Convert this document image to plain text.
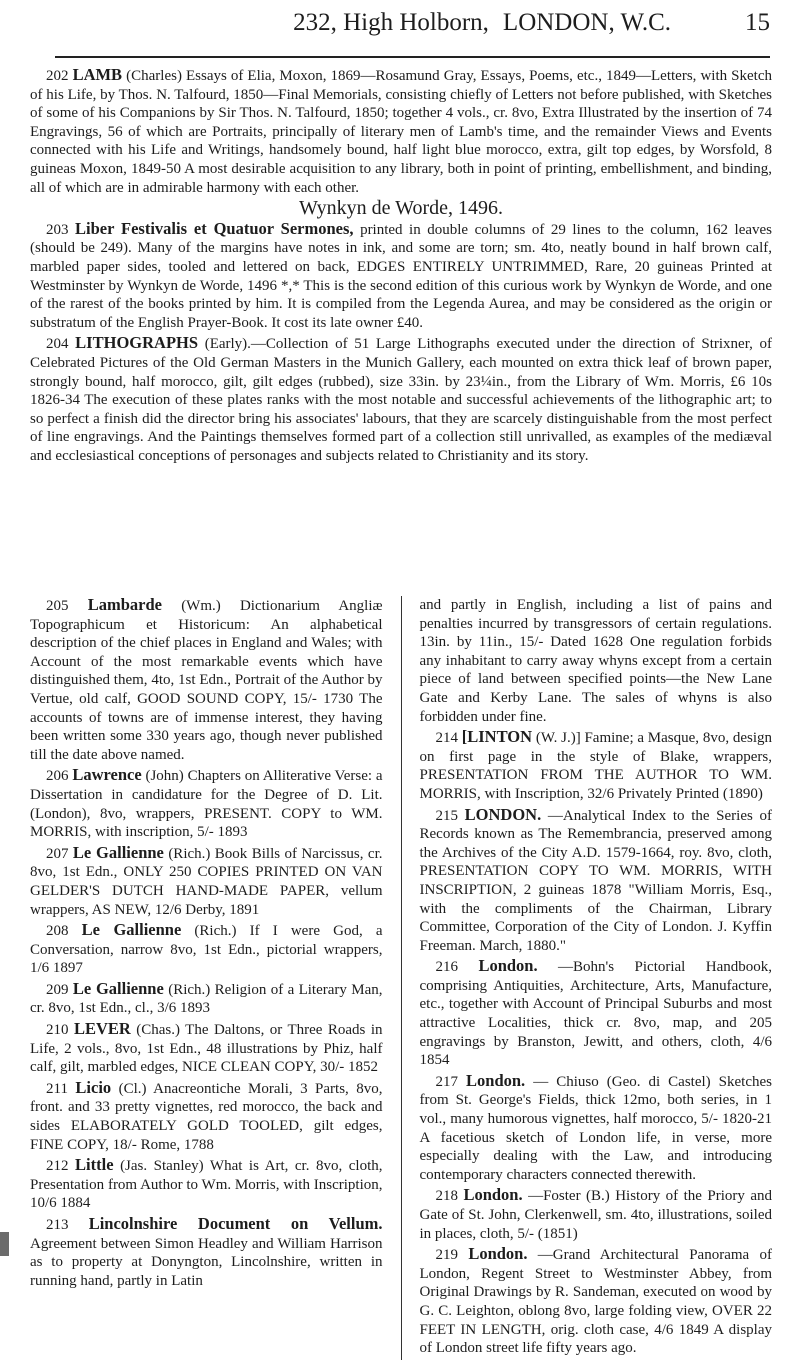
232, High Holborn, LONDON, W.C.	15

202 LAMB (Charles) Essays of Elia, Moxon, 1869—Rosamund Gray, Essays, Poems, etc., 1849—Letters, with Sketch of his Life, by Thos. N. Talfourd, 1850—Final Memorials, consisting chiefly of Letters not before published, with Sketches of some of his Companions by Sir Thos. N. Talfourd, 1850; together 4 vols., cr. 8vo, Extra Illustrated by the insertion of 74 Engravings, 56 of which are Portraits, principally of literary men of Lamb's time, and the remainder Views and Events connected with his Life and Writings, handsomely bound, half light blue morocco, extra, gilt top edges, by Worsfold, 8 guineas Moxon, 1849-50 A most desirable acquisition to any library, both in point of printing, embellishment, and binding, all of which are in admirable harmony with each other.

Wynkyn de Worde, 1496.

203 Liber Festivalis et Quatuor Sermones, printed in double columns of 29 lines to the column, 162 leaves (should be 249). Many of the margins have notes in ink, and some are torn; sm. 4to, neatly bound in half brown calf, marbled paper sides, tooled and lettered on back, EDGES ENTIRELY UNTRIMMED, Rare, 20 guineas Printed at Westminster by Wynkyn de Worde, 1496 *,* This is the second edition of this curious work by Wynkyn de Worde, and one of the rarest of the books printed by him. It is compiled from the Legenda Aurea, and may be considered as the origin or substratum of the English Prayer-Book. It cost its late owner £40.

204 LITHOGRAPHS (Early).—Collection of 51 Large Lithographs executed under the direction of Strixner, of Celebrated Pictures of the Old German Masters in the Munich Gallery, each mounted on extra thick leaf of brown paper, strongly bound, half morocco, gilt, gilt edges (rubbed), size 33in. by 23¼in., from the Library of Wm. Morris, £6 10s 1826-34 The execution of these plates ranks with the most notable and successful achievements of the lithographic art; to so perfect a finish did the director bring his associates' labours, that they are scarcely distinguishable from the most perfect of line engravings. And the Paintings themselves formed part of a collection still unrivalled, as examples of the mediæval and ecclesiastical conceptions of personages and subjects related to Christianity and its story.

205 Lambarde (Wm.) Dictionarium Angliæ Topographicum et Historicum: An alphabetical description of the chief places in England and Wales; with Account of the most remarkable events which have distinguished them, 4to, 1st Edn., Portrait of the Author by Vertue, old calf, GOOD SOUND COPY, 15/- 1730 The accounts of towns are of immense interest, they having been written some 330 years ago, though never published till the date above named.

206 Lawrence (John) Chapters on Alliterative Verse: a Dissertation in candidature for the Degree of D. Lit. (London), 8vo, wrappers, PRESENT. COPY to WM. MORRIS, with inscription, 5/- 1893

207 Le Gallienne (Rich.) Book Bills of Narcissus, cr. 8vo, 1st Edn., ONLY 250 COPIES PRINTED ON VAN GELDER'S DUTCH HAND-MADE PAPER, vellum wrappers, AS NEW, 12/6 Derby, 1891

208 Le Gallienne (Rich.) If I were God, a Conversation, narrow 8vo, 1st Edn., pictorial wrappers, 1/6 1897

209 Le Gallienne (Rich.) Religion of a Literary Man, cr. 8vo, 1st Edn., cl., 3/6 1893

210 LEVER (Chas.) The Daltons, or Three Roads in Life, 2 vols., 8vo, 1st Edn., 48 illustrations by Phiz, half calf, gilt, marbled edges, NICE CLEAN COPY, 30/- 1852

211 Licio (Cl.) Anacreontiche Morali, 3 Parts, 8vo, front. and 33 pretty vignettes, red morocco, the back and sides ELABORATELY GOLD TOOLED, gilt edges, FINE COPY, 18/- Rome, 1788

212 Little (Jas. Stanley) What is Art, cr. 8vo, cloth, Presentation from Author to Wm. Morris, with Inscription, 10/6 1884

213 Lincolnshire Document on Vellum. Agreement between Simon Headley and William Harrison as to property at Donyngton, Lincolnshire, written in running hand, partly in Latin

and partly in English, including a list of pains and penalties incurred by transgressors of certain regulations. 13in. by 11in., 15/- Dated 1628 One regulation forbids any inhabitant to carry away whyns except from a certain piece of land between specified points—the New Lane Gate and Kerby Lane. The sales of whyns is also forbidden under fine.

214 [LINTON (W. J.)] Famine; a Masque, 8vo, design on first page in the style of Blake, wrappers, PRESENTATION FROM THE AUTHOR TO WM. MORRIS, with Inscription, 32/6 Privately Printed (1890)

215 LONDON. —Analytical Index to the Series of Records known as The Remembrancia, preserved among the Archives of the City A.D. 1579-1664, roy. 8vo, cloth, PRESENTATION COPY TO WM. MORRIS, WITH INSCRIPTION, 2 guineas 1878 "William Morris, Esq., with the compliments of the Chairman, Library Committee, Corporation of the City of London. J. Kyffin Freeman. March, 1880."

216 London. —Bohn's Pictorial Handbook, comprising Antiquities, Architecture, Arts, Manufacture, etc., together with Account of Principal Suburbs and most attractive Localities, thick cr. 8vo, map, and 205 engravings by Branston, Jewitt, and others, cloth, 4/6 1854

217 London. — Chiuso (Geo. di Castel) Sketches from St. George's Fields, thick 12mo, both series, in 1 vol., many humorous vignettes, half morocco, 5/- 1820-21 A facetious sketch of London life, in verse, more especially dealing with the Law, and introducing contemporary characters connected therewith.

218 London. —Foster (B.) History of the Priory and Gate of St. John, Clerkenwell, sm. 4to, illustrations, soiled in places, cloth, 5/- (1851)

219 London. —Grand Architectural Panorama of London, Regent Street to Westminster Abbey, from Original Drawings by R. Sandeman, executed on wood by G. C. Leighton, oblong 8vo, large folding view, OVER 22 FEET IN LENGTH, orig. cloth case, 4/6 1849 A display of London street life fifty years ago.
